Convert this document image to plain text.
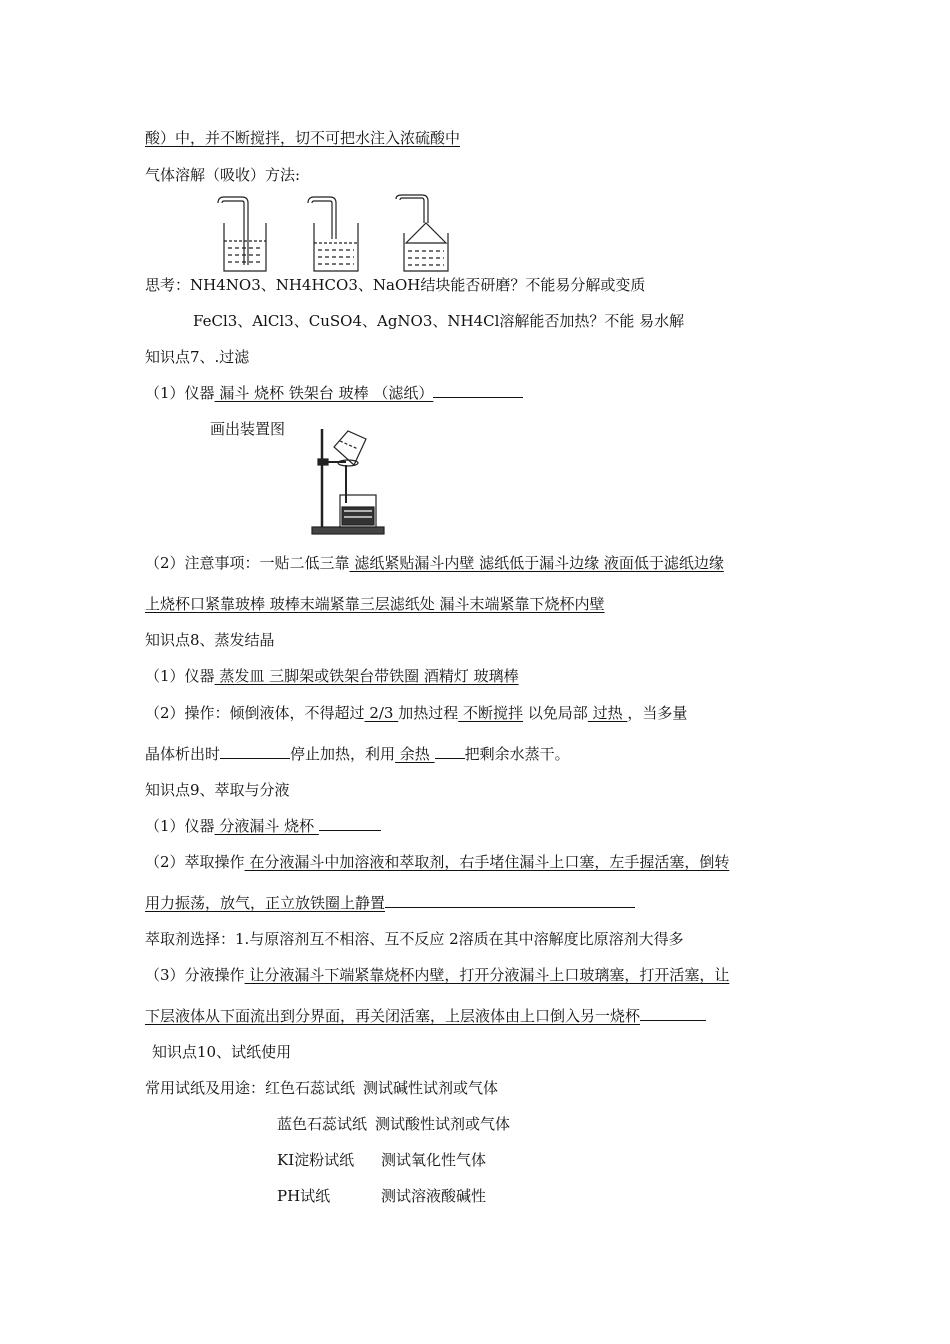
酸）中，并不断搅拌，切不可把水注入浓硫酸中
气体溶解（吸收）方法:
思考：NH4NO3、NH4HCO3、NaOH结块能否研磨？不能易分解或变质
FeCl3、AlCl3、CuSO4、AgNO3、NH4Cl溶解能否加热？不能 易水解
知识点7、.过滤
（1）仪器 漏斗 烧杯 铁架台 玻棒 （滤纸）
画出装置图
（2）注意事项：一贴二低三靠 滤纸紧贴漏斗内壁 滤纸低于漏斗边缘 液面低于滤纸边缘
上烧杯口紧靠玻棒 玻棒末端紧靠三层滤纸处 漏斗末端紧靠下烧杯内壁
知识点8、蒸发结晶
（1）仪器 蒸发皿 三脚架或铁架台带铁圈 酒精灯 玻璃棒
（2）操作：倾倒液体，不得超过 2/3 加热过程 不断搅拌 以免局部 过热 ，当多量
晶体析出时	停止加热，利用 余热 把剩余水蒸干。
知识点9、萃取与分液
（1）仪器 分液漏斗 烧杯
（2）萃取操作 在分液漏斗中加溶液和萃取剂，右手堵住漏斗上口塞，左手握活塞，倒转
用力振荡，放气，正立放铁圈上静置
萃取剂选择：1.与原溶剂互不相溶、互不反应 2溶质在其中溶解度比原溶剂大得多
（3）分液操作 让分液漏斗下端紧靠烧杯内壁，打开分液漏斗上口玻璃塞，打开活塞，让
下层液体从下面流出到分界面，再关闭活塞，上层液体由上口倒入另一烧杯
知识点10、试纸使用
常用试纸及用途：红色石蕊试纸 测试碱性试剂或气体
蓝色石蕊试纸 测试酸性试剂或气体
KI淀粉试纸 测试氧化性气体
PH试纸	测试溶液酸碱性
